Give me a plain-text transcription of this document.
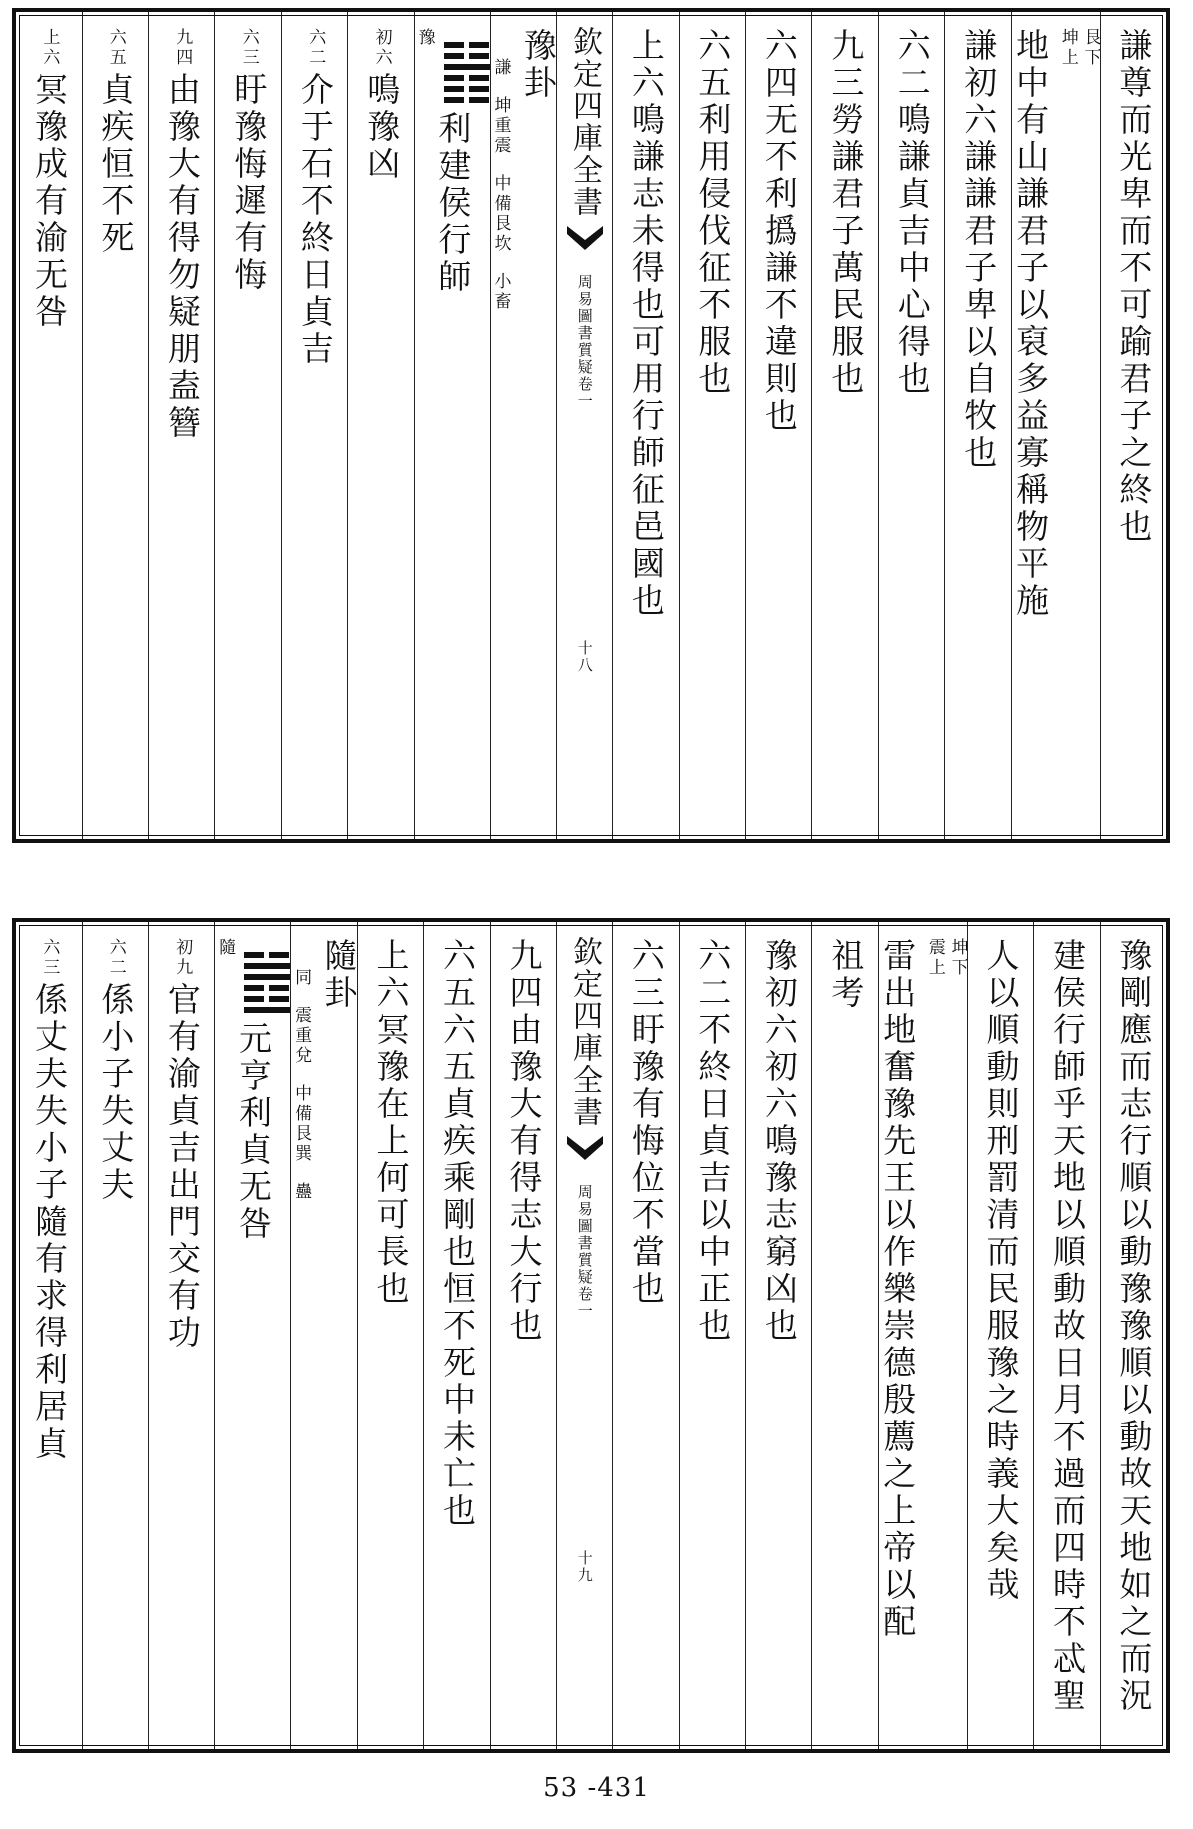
謙尊而光卑而不可踰君子之終也
艮下
坤上
地中有山謙君子以裒多益寡稱物平施
謙初六謙謙君子卑以自牧也
六二鳴謙貞吉中心得也
九三勞謙君子萬民服也
六四无不利撝謙不違則也
六五利用侵伐征不服也
上六鳴謙志未得也可用行師征邑國也
欽定四庫全書
周易圖書質疑
卷一
十八
豫卦
謙
坤重震
中備艮坎
小畜
豫
利建侯行師
初六
鳴豫凶
六二
介于石不終日貞吉
六三
盱豫悔遲有悔
九四
由豫大有得勿疑朋盍簪
六五
貞疾恒不死
上六
冥豫成有渝无咎
豫剛應而志行順以動豫豫順以動故天地如之而況
建侯行師乎天地以順動故日月不過而四時不忒聖
人以順動則刑罰清而民服豫之時義大矣哉
坤下
震上
雷出地奮豫先王以作樂崇德殷薦之上帝以配
祖考
豫初六初六鳴豫志窮凶也
六二不終日貞吉以中正也
六三盱豫有悔位不當也
欽定四庫全書
周易圖書質疑
卷一
十九
九四由豫大有得志大行也
六五六五貞疾乘剛也恒不死中未亡也
上六冥豫在上何可長也
隨卦
同
震重兌
中備艮巽
蠱
隨
元亨利貞无咎
初九
官有渝貞吉出門交有功
六二
係小子失丈夫
六三
係丈夫失小子隨有求得利居貞
53 -431
